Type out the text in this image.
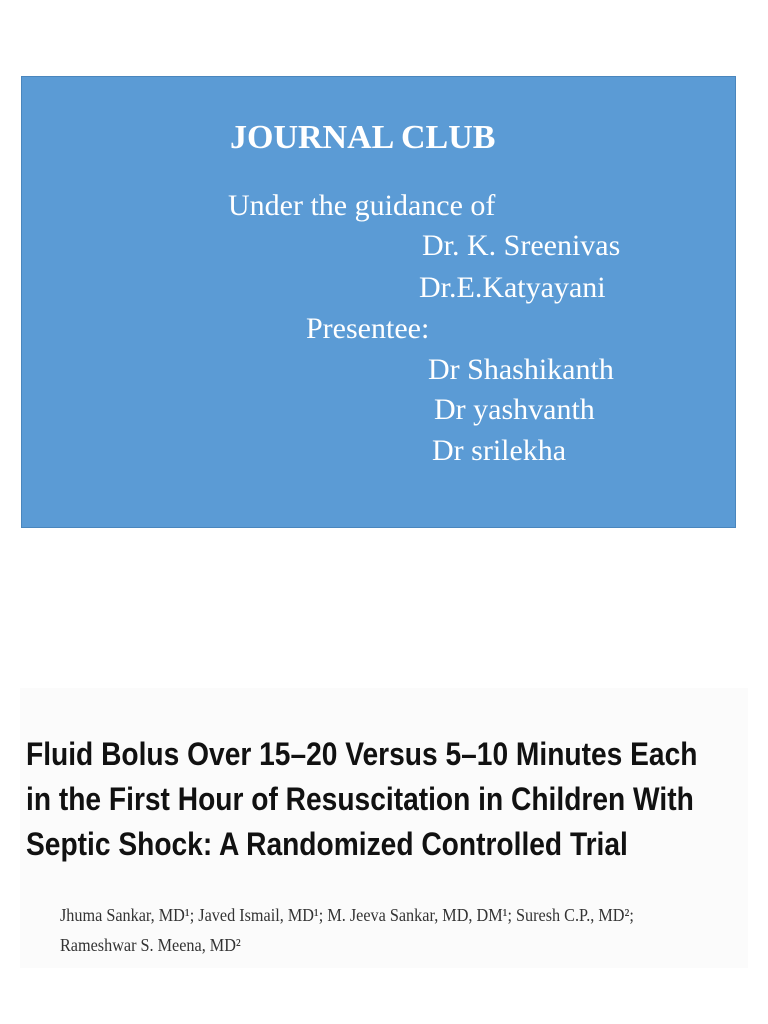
JOURNAL CLUB
Under the guidance of
Dr. K. Sreenivas
Dr.E.Katyayani
Presentee:
Dr Shashikanth
Dr yashvanth
Dr srilekha
Fluid Bolus Over 15–20 Versus 5–10 Minutes Each
in the First Hour of Resuscitation in Children With
Septic Shock: A Randomized Controlled Trial
Jhuma Sankar, MD¹; Javed Ismail, MD¹; M. Jeeva Sankar, MD, DM¹; Suresh C.P., MD²;
Rameshwar S. Meena, MD²
